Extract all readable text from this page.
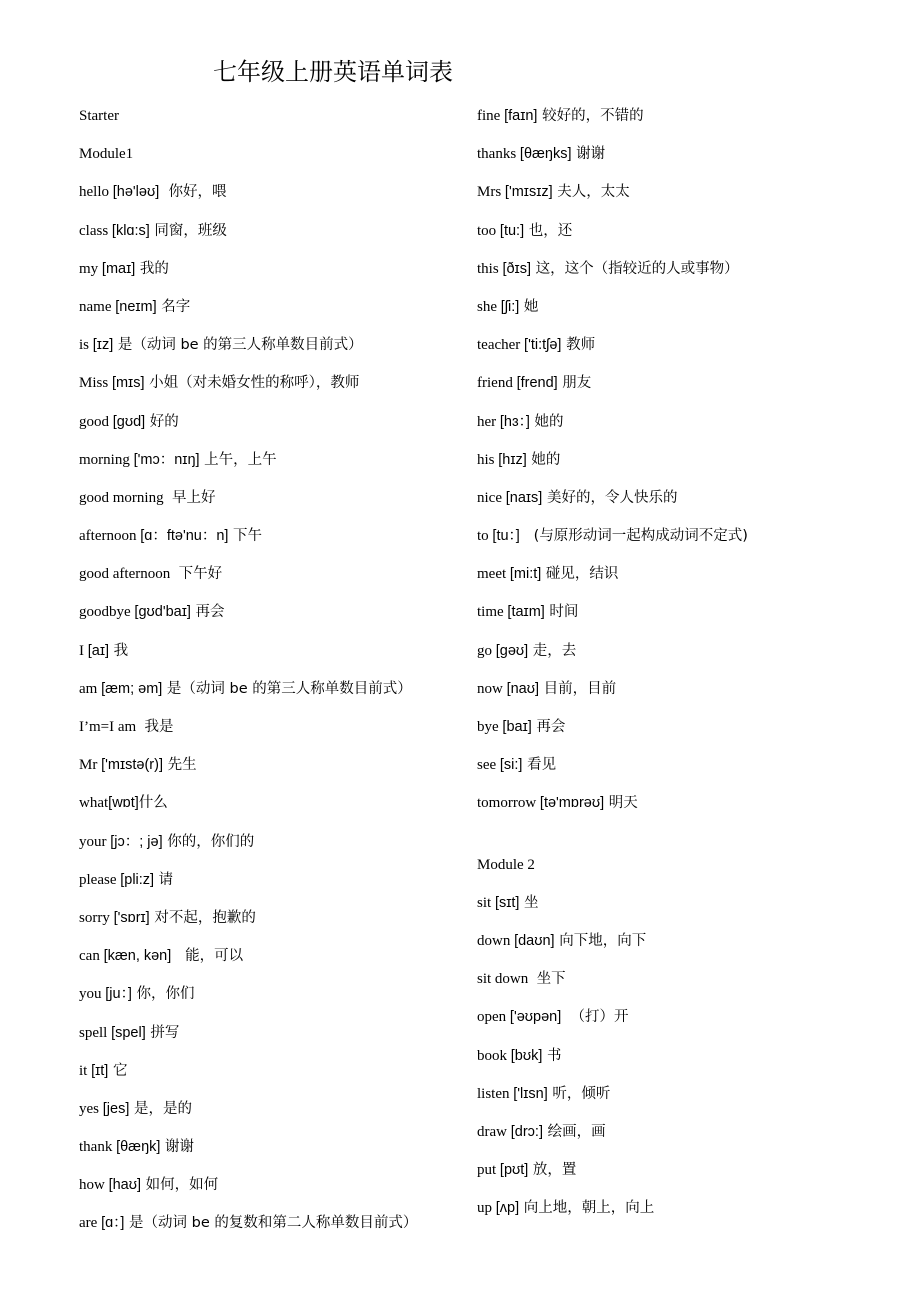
七年级上册英语单词表
Starter
Module1
hello [hə'ləʊ]  你好，喂
class [klɑ:s] 同窗，班级
my [maɪ] 我的
name [neɪm] 名字
is [ɪz] 是（动词 be 的第三人称单数目前式）
Miss [mɪs] 小姐（对未婚女性的称呼），教师
good [gʊd] 好的
morning ['mɔ：nɪŋ] 上午，上午
good morning  早上好
afternoon [ɑ：ftə'nu：n] 下午
good afternoon  下午好
goodbye [gʊd'baɪ] 再会
I [aɪ] 我
am [æm; əm] 是（动词 be 的第三人称单数目前式）
I’m=I am  我是
Mr ['mɪstə(r)] 先生
what[wɒt]什么
your [jɔ：; jə] 你的，你们的
please [pli:z] 请
sorry ['sɒrɪ] 对不起，抱歉的
can [kæn, kən]   能，可以
you [ju：] 你，你们
spell [spel] 拼写
it [ɪt] 它
yes [jes] 是，是的
thank [θæŋk] 谢谢
how [haʊ] 如何，如何
are [ɑ：] 是（动词 be 的复数和第二人称单数目前式）
fine [faɪn] 较好的，不错的
thanks [θæŋks] 谢谢
Mrs ['mɪsɪz] 夫人，太太
too [tu:] 也，还
this [ðɪs] 这，这个（指较近的人或事物）
she [ʃi:] 她
teacher ['ti:tʃə] 教师
friend [frend] 朋友
her [hɜ：] 她的
his [hɪz] 她的
nice [naɪs] 美好的，令人快乐的
to [tu：]   (与原形动词一起构成动词不定式)
meet [mi:t] 碰见，结识
time [taɪm] 时间
go [gəʊ] 走，去
now [naʊ] 目前，目前
bye [baɪ] 再会
see [si:] 看见
tomorrow [tə'mɒrəʊ] 明天
Module 2
sit [sɪt] 坐
down [daʊn] 向下地，向下
sit down  坐下
open ['əʊpən]  （打）开
book [bʊk] 书
listen ['lɪsn] 听，倾听
draw [drɔ:] 绘画，画
put [pʊt] 放，置
up [ʌp] 向上地，朝上，向上
